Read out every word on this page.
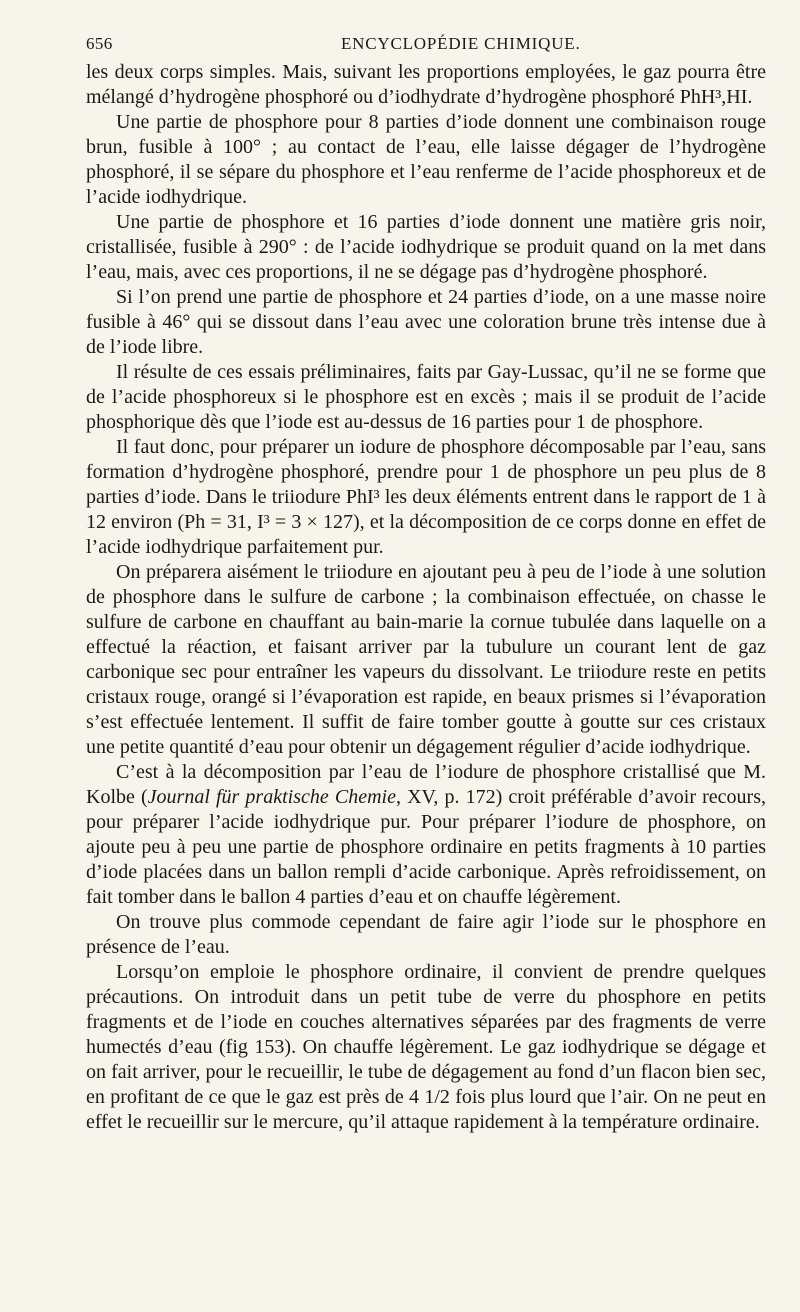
656	ENCYCLOPÉDIE CHIMIQUE.

les deux corps simples. Mais, suivant les proportions employées, le gaz pourra être mélangé d’hydrogène phosphoré ou d’iodhydrate d’hydrogène phosphoré PhH³,HI.

Une partie de phosphore pour 8 parties d’iode donnent une combinaison rouge brun, fusible à 100° ; au contact de l’eau, elle laisse dégager de l’hydrogène phosphoré, il se sépare du phosphore et l’eau renferme de l’acide phosphoreux et de l’acide iodhydrique.

Une partie de phosphore et 16 parties d’iode donnent une matière gris noir, cristallisée, fusible à 290° : de l’acide iodhydrique se produit quand on la met dans l’eau, mais, avec ces proportions, il ne se dégage pas d’hydrogène phosphoré.

Si l’on prend une partie de phosphore et 24 parties d’iode, on a une masse noire fusible à 46° qui se dissout dans l’eau avec une coloration brune très intense due à de l’iode libre.

Il résulte de ces essais préliminaires, faits par Gay-Lussac, qu’il ne se forme que de l’acide phosphoreux si le phosphore est en excès ; mais il se produit de l’acide phosphorique dès que l’iode est au-dessus de 16 parties pour 1 de phosphore.

Il faut donc, pour préparer un iodure de phosphore décomposable par l’eau, sans formation d’hydrogène phosphoré, prendre pour 1 de phosphore un peu plus de 8 parties d’iode. Dans le triiodure PhI³ les deux éléments entrent dans le rapport de 1 à 12 environ (Ph = 31, I³ = 3 × 127), et la décomposition de ce corps donne en effet de l’acide iodhydrique parfaitement pur.

On préparera aisément le triiodure en ajoutant peu à peu de l’iode à une solution de phosphore dans le sulfure de carbone ; la combinaison effectuée, on chasse le sulfure de carbone en chauffant au bain-marie la cornue tubulée dans laquelle on a effectué la réaction, et faisant arriver par la tubulure un courant lent de gaz carbonique sec pour entraîner les vapeurs du dissolvant. Le triiodure reste en petits cristaux rouge, orangé si l’évaporation est rapide, en beaux prismes si l’évaporation s’est effectuée lentement. Il suffit de faire tomber goutte à goutte sur ces cristaux une petite quantité d’eau pour obtenir un dégagement régulier d’acide iodhydrique.

C’est à la décomposition par l’eau de l’iodure de phosphore cristallisé que M. Kolbe (Journal für praktische Chemie, XV, p. 172) croit préférable d’avoir recours, pour préparer l’acide iodhydrique pur. Pour préparer l’iodure de phosphore, on ajoute peu à peu une partie de phosphore ordinaire en petits fragments à 10 parties d’iode placées dans un ballon rempli d’acide carbonique. Après refroidissement, on fait tomber dans le ballon 4 parties d’eau et on chauffe légèrement.

On trouve plus commode cependant de faire agir l’iode sur le phosphore en présence de l’eau.

Lorsqu’on emploie le phosphore ordinaire, il convient de prendre quelques précautions. On introduit dans un petit tube de verre du phosphore en petits fragments et de l’iode en couches alternatives séparées par des fragments de verre humectés d’eau (fig 153). On chauffe légèrement. Le gaz iodhydrique se dégage et on fait arriver, pour le recueillir, le tube de dégagement au fond d’un flacon bien sec, en profitant de ce que le gaz est près de 4 1/2 fois plus lourd que l’air. On ne peut en effet le recueillir sur le mercure, qu’il attaque rapidement à la température ordinaire.
